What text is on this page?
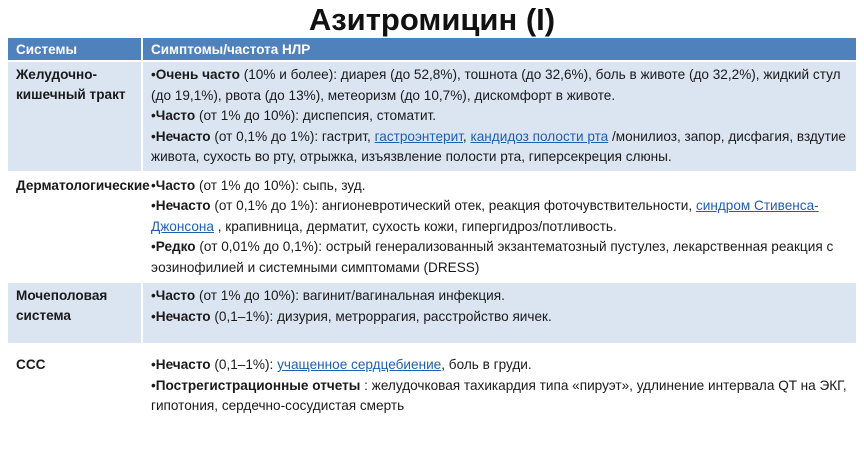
Азитромицин (I)
Системы	Симптомы/частота НЛР
Желудочно-кишечный тракт	•Очень часто (10% и более): диарея (до 52,8%), тошнота (до 32,6%), боль в животе (до 32,2%), жидкий стул (до 19,1%), рвота (до 13%), метеоризм (до 10,7%), дискомфорт в животе.
•Часто (от 1% до 10%): диспепсия, стоматит.
•Нечасто (от 0,1% до 1%): гастрит, гастроэнтерит, кандидоз полости рта /монилиоз, запор, дисфагия, вздутие живота, сухость во рту, отрыжка, изъязвление полости рта, гиперсекреция слюны.

Дерматологические	•Часто (от 1% до 10%): сыпь, зуд.
•Нечасто (от 0,1% до 1%): ангионевротический отек, реакция фоточувствительности, синдром Стивенса-Джонсона , крапивница, дерматит, сухость кожи, гипергидроз/потливость.
•Редко (от 0,01% до 0,1%): острый генерализованный экзантематозный пустулез, лекарственная реакция с эозинофилией и системными симптомами (DRESS)

Мочеполовая система	•Часто (от 1% до 10%): вагинит/вагинальная инфекция.
•Нечасто (0,1–1%): дизурия, метроррагия, расстройство яичек.

ССС	•Нечасто (0,1–1%): учащенное сердцебиение, боль в груди.
•Пострегистрационные отчеты : желудочковая тахикардия типа «пируэт», удлинение интервала QT на ЭКГ, гипотония, сердечно-сосудистая смерть
